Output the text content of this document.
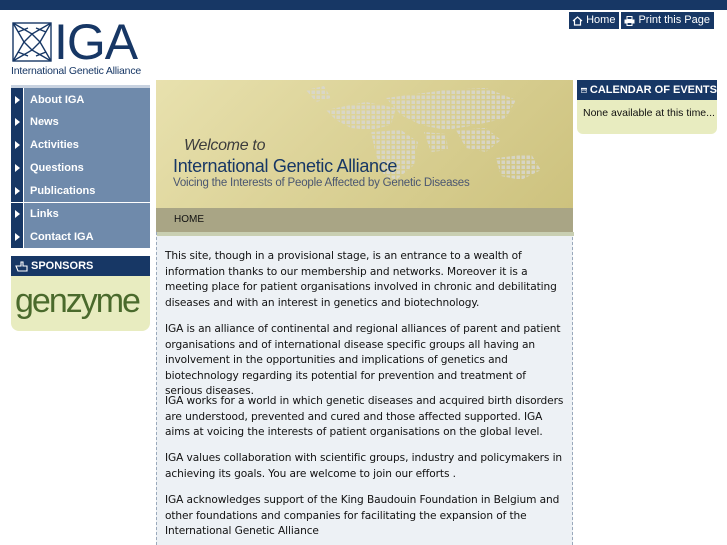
IGA
International Genetic Alliance
Home Print this Page
About IGA
News
Activities
Questions
Publications
Links
Contact IGA
SPONSORS
genzyme
Welcome to
International Genetic Alliance
Voicing the Interests of People Affected by Genetic Diseases
HOME

This site, though in a provisional stage, is an entrance to a wealth of information thanks to our membership and networks. Moreover it is a meeting place for patient organisations involved in chronic and debilitating diseases and with an interest in genetics and biotechnology.

IGA is an alliance of continental and regional alliances of parent and patient organisations and of international disease specific groups all having an involvement in the opportunities and implications of genetics and biotechnology regarding its potential for prevention and treatment of serious diseases.

IGA works for a world in which genetic diseases and acquired birth disorders are understood, prevented and cured and those affected supported. IGA aims at voicing the interests of patient organisations on the global level.

IGA values collaboration with scientific groups, industry and policymakers in achieving its goals. You are welcome to join our efforts .

IGA acknowledges support of the King Baudouin Foundation in Belgium and other foundations and companies for facilitating the expansion of the International Genetic Alliance

CALENDAR OF EVENTS
None available at this time...
